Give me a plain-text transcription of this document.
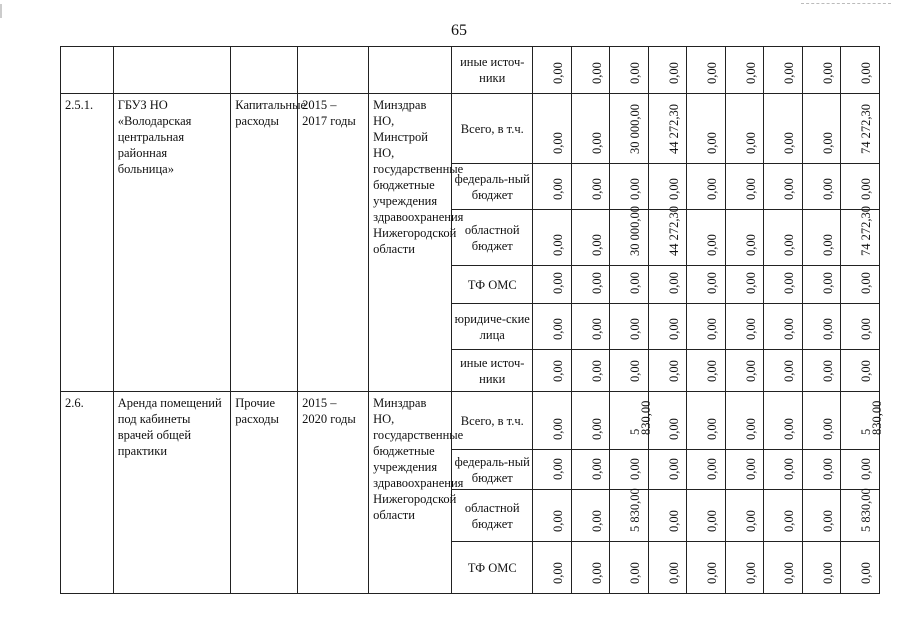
65
					иные источ-ники	0,00	0,00	0,00	0,00	0,00	0,00	0,00	0,00	0,00

2.5.1.	ГБУЗ НО «Володарская центральная районная больница»	Капитальные расходы	2015 – 2017 годы	Минздрав НО, Минстрой НО, государственные бюджетные учреждения здравоохранения Нижегородской области	Всего, в т.ч.	0,00	0,00	30 000,00	44 272,30	0,00	0,00	0,00	0,00	74 272,30

					федераль-ный бюджет	0,00	0,00	0,00	0,00	0,00	0,00	0,00	0,00	0,00

					областной бюджет	0,00	0,00	30 000,00	44 272,30	0,00	0,00	0,00	0,00	74 272,30

					ТФ ОМС	0,00	0,00	0,00	0,00	0,00	0,00	0,00	0,00	0,00

					юридиче-ские лица	0,00	0,00	0,00	0,00	0,00	0,00	0,00	0,00	0,00

					иные источ-ники	0,00	0,00	0,00	0,00	0,00	0,00	0,00	0,00	0,00

2.6.	Аренда помещений под кабинеты врачей общей практики	Прочие расходы	2015 – 2020 годы	Минздрав НО, государственные бюджетные учреждения здравоохранения Нижегородской области	Всего, в т.ч.	0,00	0,00	5 830,00	0,00	0,00	0,00	0,00	0,00	5 830,00

					федераль-ный бюджет	0,00	0,00	0,00	0,00	0,00	0,00	0,00	0,00	0,00

					областной бюджет	0,00	0,00	5 830,00	0,00	0,00	0,00	0,00	0,00	5 830,00

					ТФ ОМС	0,00	0,00	0,00	0,00	0,00	0,00	0,00	0,00	0,00
